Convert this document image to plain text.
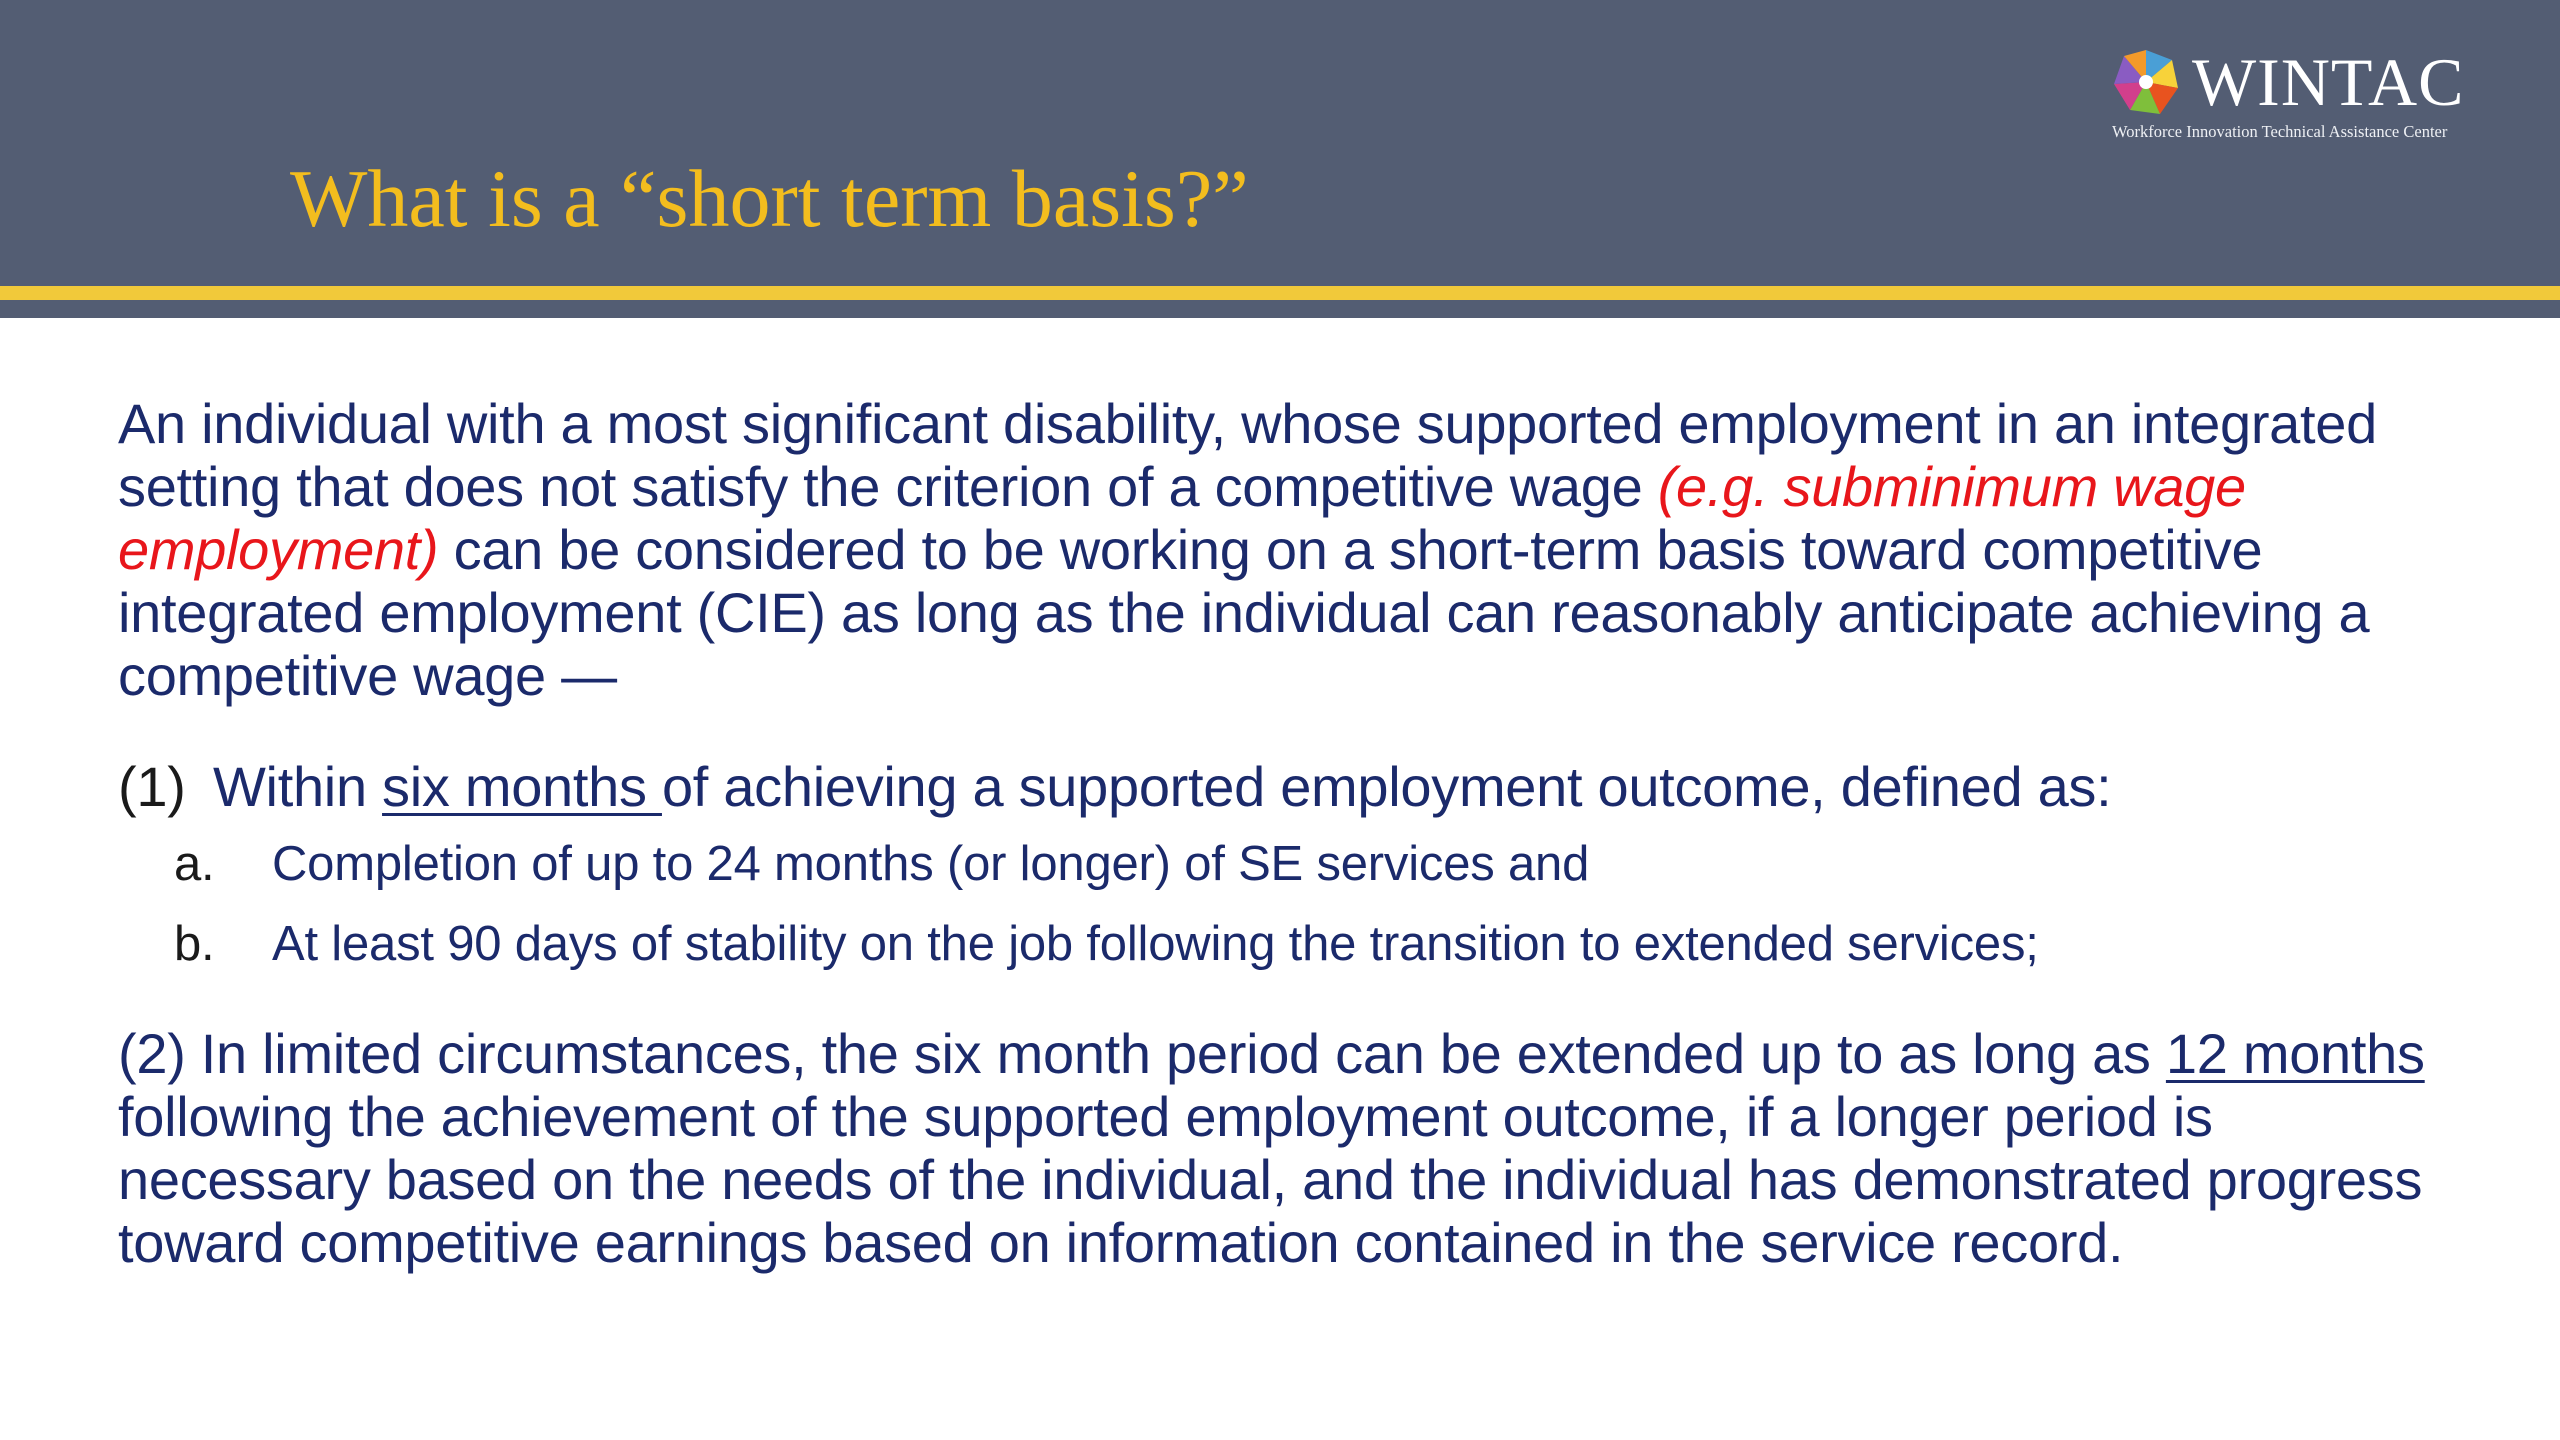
What is a “short term basis?”
WINTAC
Workforce Innovation Technical Assistance Center

An individual with a most significant disability, whose supported employment in an integrated setting that does not satisfy the criterion of a competitive wage (e.g. subminimum wage employment) can be considered to be working on a short-term basis toward competitive integrated employment (CIE) as long as the individual can reasonably anticipate achieving a competitive wage —

(1) Within six months of achieving a supported employment outcome, defined as:

a. Completion of up to 24 months (or longer) of SE services and
b. At least 90 days of stability on the job following the transition to extended services;

(2) In limited circumstances, the six month period can be extended up to as long as 12 months following the achievement of the supported employment outcome, if a longer period is necessary based on the needs of the individual, and the individual has demonstrated progress toward competitive earnings based on information contained in the service record.
